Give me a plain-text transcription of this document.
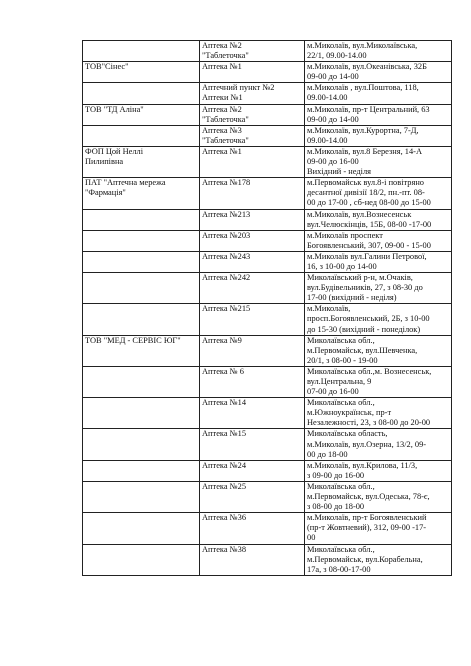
	Аптека №2
"Таблеточка"	м.Миколаїв, вул.Миколаївська,
22/1, 09.00-14.00

ТОВ"Сінес"	Аптека №1	м.Миколаїв, вул.Океанівська, 32Б
09-00 до 14-00

	Аптечний пункт №2
Аптеки №1	м.Миколаїв , вул.Поштова, 118,
09.00-14.00

ТОВ "ТД Аліна"	Аптека №2
"Таблеточка"	м.Миколаїв, пр-т Центральний, 63
09-00 до 14-00

	Аптека №3
"Таблеточка"	м.Миколаїв, вул.Курортна, 7-Д,
09.00-14.00

ФОП Цой Неллі
Пилипівна	Аптека №1	м.Миколаїв, вул.8 Березня, 14-А
09-00 до 16-00
Вихідний - неділя

ПАТ "Аптечна мережа
"Фармація"	Аптека №178	м.Первомайськ вул.8-і повітряно
десантної дивізії 18/2, пн.-пт. 08-
00 до 17-00 , сб-нед 08-00 до 15-00

	Аптека №213	м.Миколаїв, вул.Вознесенськ
вул.Челюскінців, 15Б, 08-00 -17-00

	Аптека №203	м.Миколаїв проспект
Богоявленський, 307, 09-00 - 15-00

	Аптека №243	м.Миколаїв вул.Галини Петрової,
16, з 10-00 до 14-00

	Аптека №242	Миколаївський р-н, м.Очаків,
вул.Будівельників, 27, з 08-30 до
17-00 (вихідний - неділя)

	Аптека №215	м.Миколаїв,
просп.Богоявленський, 2Б, з 10-00
до 15-30 (вихідний - понеділок)

ТОВ "МЕД - СЕРВІС ЮГ"	Аптека №9	Миколаївська обл.,
м.Первомайськ, вул.Шевченка,
20/1, з 08-00 - 19-00

	Аптека № 6	Миколаївська обл.,м. Вознесенськ,
вул.Центральна, 9
07-00 до 16-00

	Аптека №14	Миколаївська обл.,
м.Южноукраїнськ, пр-т
Незалежності, 23, з 08-00 до 20-00

	Аптека №15	Миколаївська область,
м.Миколаїв, вул.Озерна, 13/2, 09-
00 до 18-00

	Аптека №24	м.Миколаїв, вул.Крилова, 11/3,
з 09-00 до 16-00

	Аптека №25	Миколаївська обл.,
м.Первомайськ, вул.Одеська, 78-є,
з 08-00 до 18-00

	Аптека №36	м.Миколаїв, пр-т Богоявленський
(пр-т Жовтневий), 312, 09-00 -17-
00

	Аптека №38	Миколаївська обл.,
м.Первомайськ, вул.Корабельна,
17а, з 08-00-17-00
